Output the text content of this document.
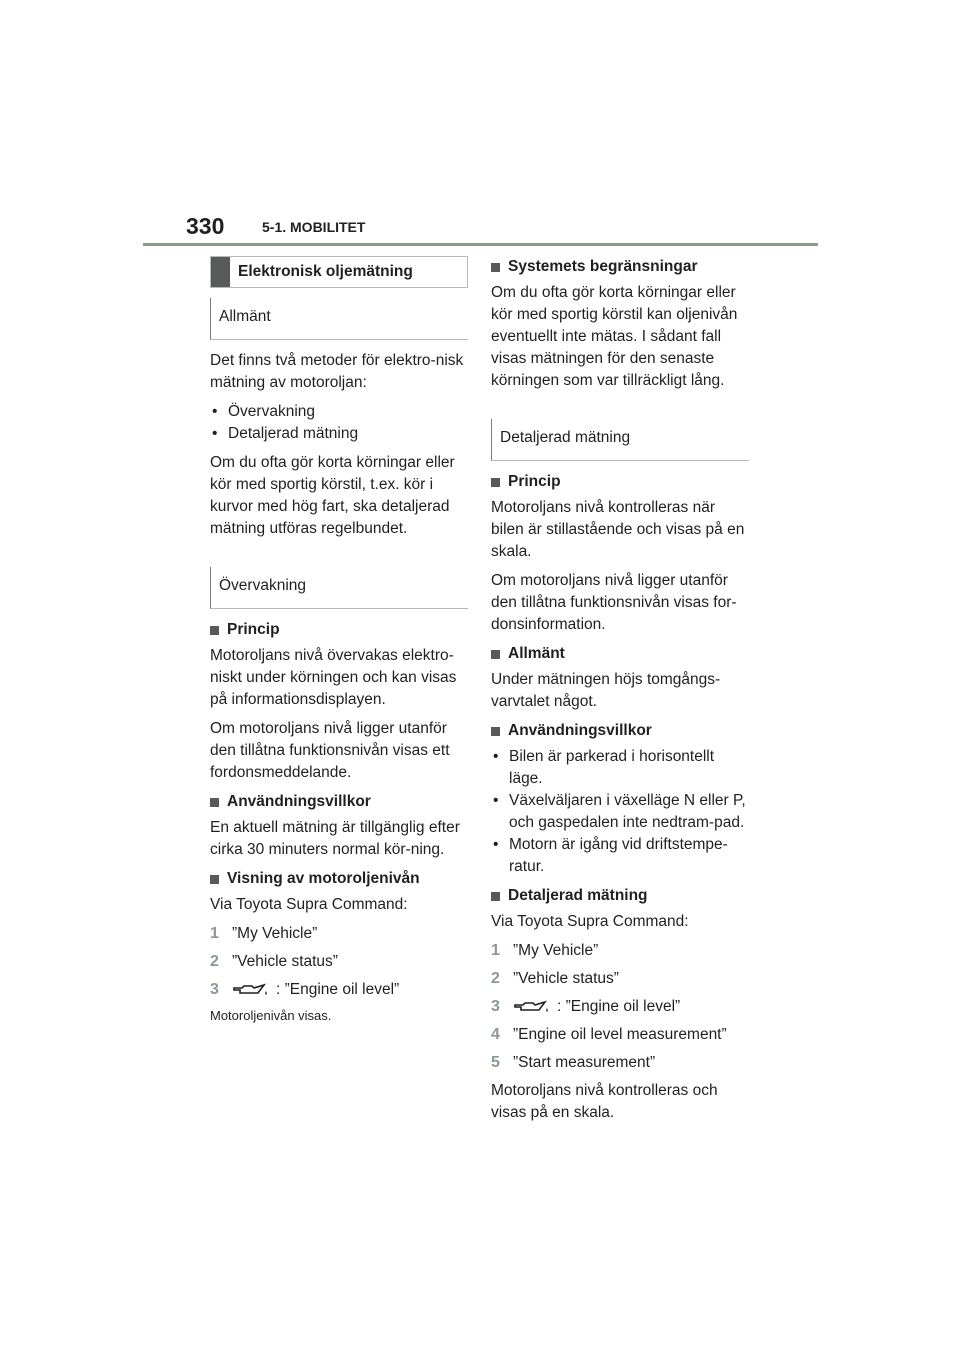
330	5-1. MOBILITET
Elektronisk oljemätning
Allmänt

Det finns två metoder för elektro-nisk mätning av motoroljan:

• Övervakning
• Detaljerad mätning

Om du ofta gör korta körningar eller kör med sportig körstil, t.ex. kör i kurvor med hög fart, ska detaljerad mätning utföras regelbundet.

Övervakning
Princip

Motoroljans nivå övervakas elektro-niskt under körningen och kan visas på informationsdisplayen.

Om motoroljans nivå ligger utanför den tillåtna funktionsnivån visas ett fordonsmeddelande.

Användningsvillkor

En aktuell mätning är tillgänglig efter cirka 30 minuters normal kör-ning.

Visning av motoroljenivån

Via Toyota Supra Command:

1 ”My Vehicle”
2 ”Vehicle status”
3	: ”Engine oil level”

Motoroljenivån visas.

Systemets begränsningar

Om du ofta gör korta körningar eller kör med sportig körstil kan oljenivån eventuellt inte mätas. I sådant fall visas mätningen för den senaste körningen som var tillräckligt lång.

Detaljerad mätning
Princip

Motoroljans nivå kontrolleras när bilen är stillastående och visas på en skala.

Om motoroljans nivå ligger utanför den tillåtna funktionsnivån visas for-donsinformation.

Allmänt

Under mätningen höjs tomgångs-varvtalet något.

Användningsvillkor
• Bilen är parkerad i horisontellt läge.
• Växelväljaren i växelläge N eller P, och gaspedalen inte nedtram-pad.
• Motorn är igång vid driftstempe-ratur.
Detaljerad mätning

Via Toyota Supra Command:

1 ”My Vehicle”
2 ”Vehicle status”
3	: ”Engine oil level”
4 ”Engine oil level measurement”
5 ”Start measurement”

Motoroljans nivå kontrolleras och visas på en skala.
